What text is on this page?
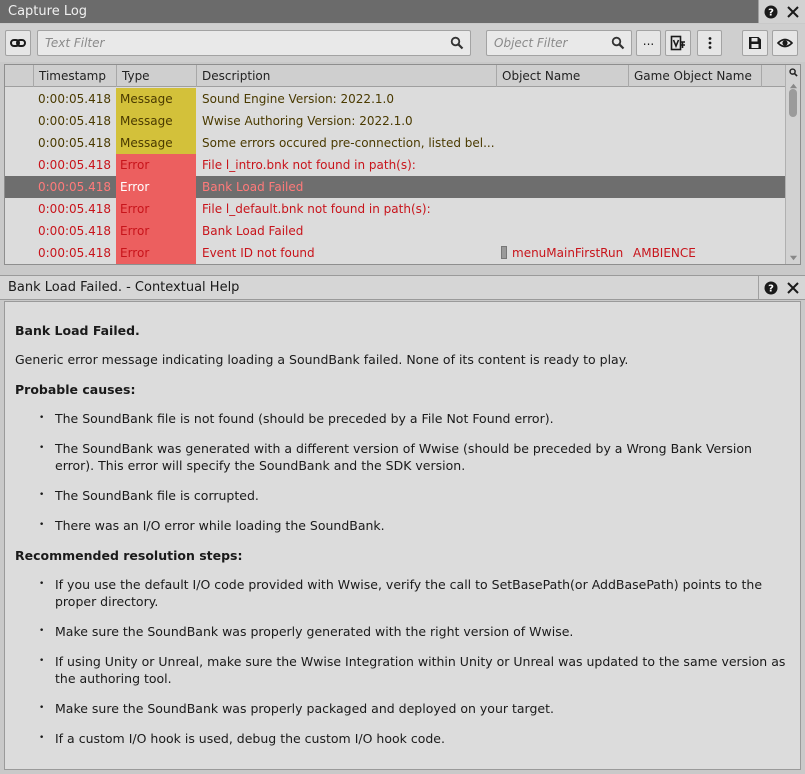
Capture Log	?
Text Filter
Object Filter
...
Timestamp	Type	Description	Object Name	Game Object Name
0:00:05.418 Message	Sound Engine Version: 2022.1.0
0:00:05.418 Message	Wwise Authoring Version: 2022.1.0
0:00:05.418 Message	Some errors occured pre-connection, listed bel...
0:00:05.418 Error	File l_intro.bnk not found in path(s):
0:00:05.418 Error	Bank Load Failed
0:00:05.418 Error	File l_default.bnk not found in path(s):
0:00:05.418 Error	Bank Load Failed
0:00:05.418 Error	Event ID not found	menuMainFirstRun AMBIENCE
Bank Load Failed. - Contextual Help	?

Bank Load Failed.

Generic error message indicating loading a SoundBank failed. None of its content is ready to play.

Probable causes:

• The SoundBank file is not found (should be preceded by a File Not Found error).
• The SoundBank was generated with a different version of Wwise (should be preceded by a Wrong Bank Version error). This error will specify the SoundBank and the SDK version.
• The SoundBank file is corrupted.
• There was an I/O error while loading the SoundBank.

Recommended resolution steps:

• If you use the default I/O code provided with Wwise, verify the call to SetBasePath(or AddBasePath) points to the proper directory.
• Make sure the SoundBank was properly generated with the right version of Wwise.
• If using Unity or Unreal, make sure the Wwise Integration within Unity or Unreal was updated to the same version as the authoring tool.
• Make sure the SoundBank was properly packaged and deployed on your target.
• If a custom I/O hook is used, debug the custom I/O hook code.
